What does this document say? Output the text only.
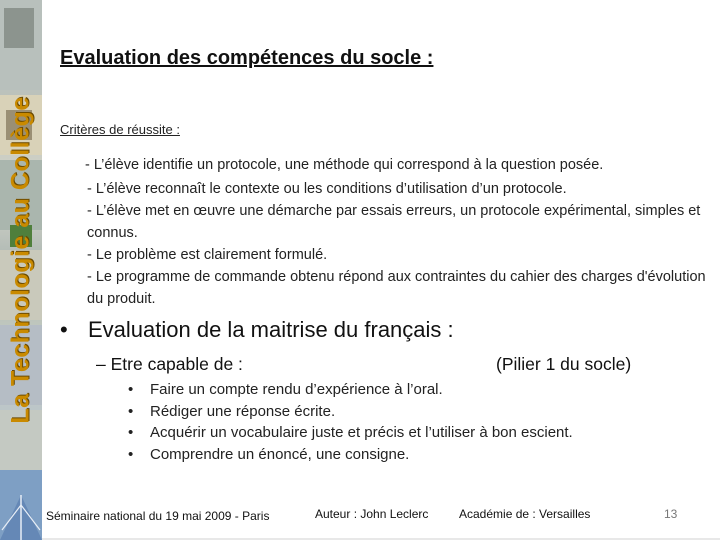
La Technologie au Collège
Evaluation des compétences du socle :
Critères de réussite :
- L’élève identifie un protocole, une méthode qui correspond à la question posée.
- L’élève reconnaît le contexte ou les conditions d’utilisation d’un protocole.
- L’élève met en œuvre une démarche par essais erreurs, un protocole expérimental, simples et connus.
- Le problème est clairement formulé.
- Le programme de commande obtenu répond aux contraintes du cahier des charges d'évolution du produit.
• Evaluation de la maitrise du français :
– Etre capable de :	(Pilier 1 du socle)
• Faire un compte rendu d’expérience à l’oral.
• Rédiger une réponse écrite.
• Acquérir un vocabulaire juste et précis et l’utiliser à bon escient.
• Comprendre un énoncé, une consigne.
Séminaire national du 19 mai 2009 - Paris	Auteur : John Leclerc	Académie de : Versailles	13
